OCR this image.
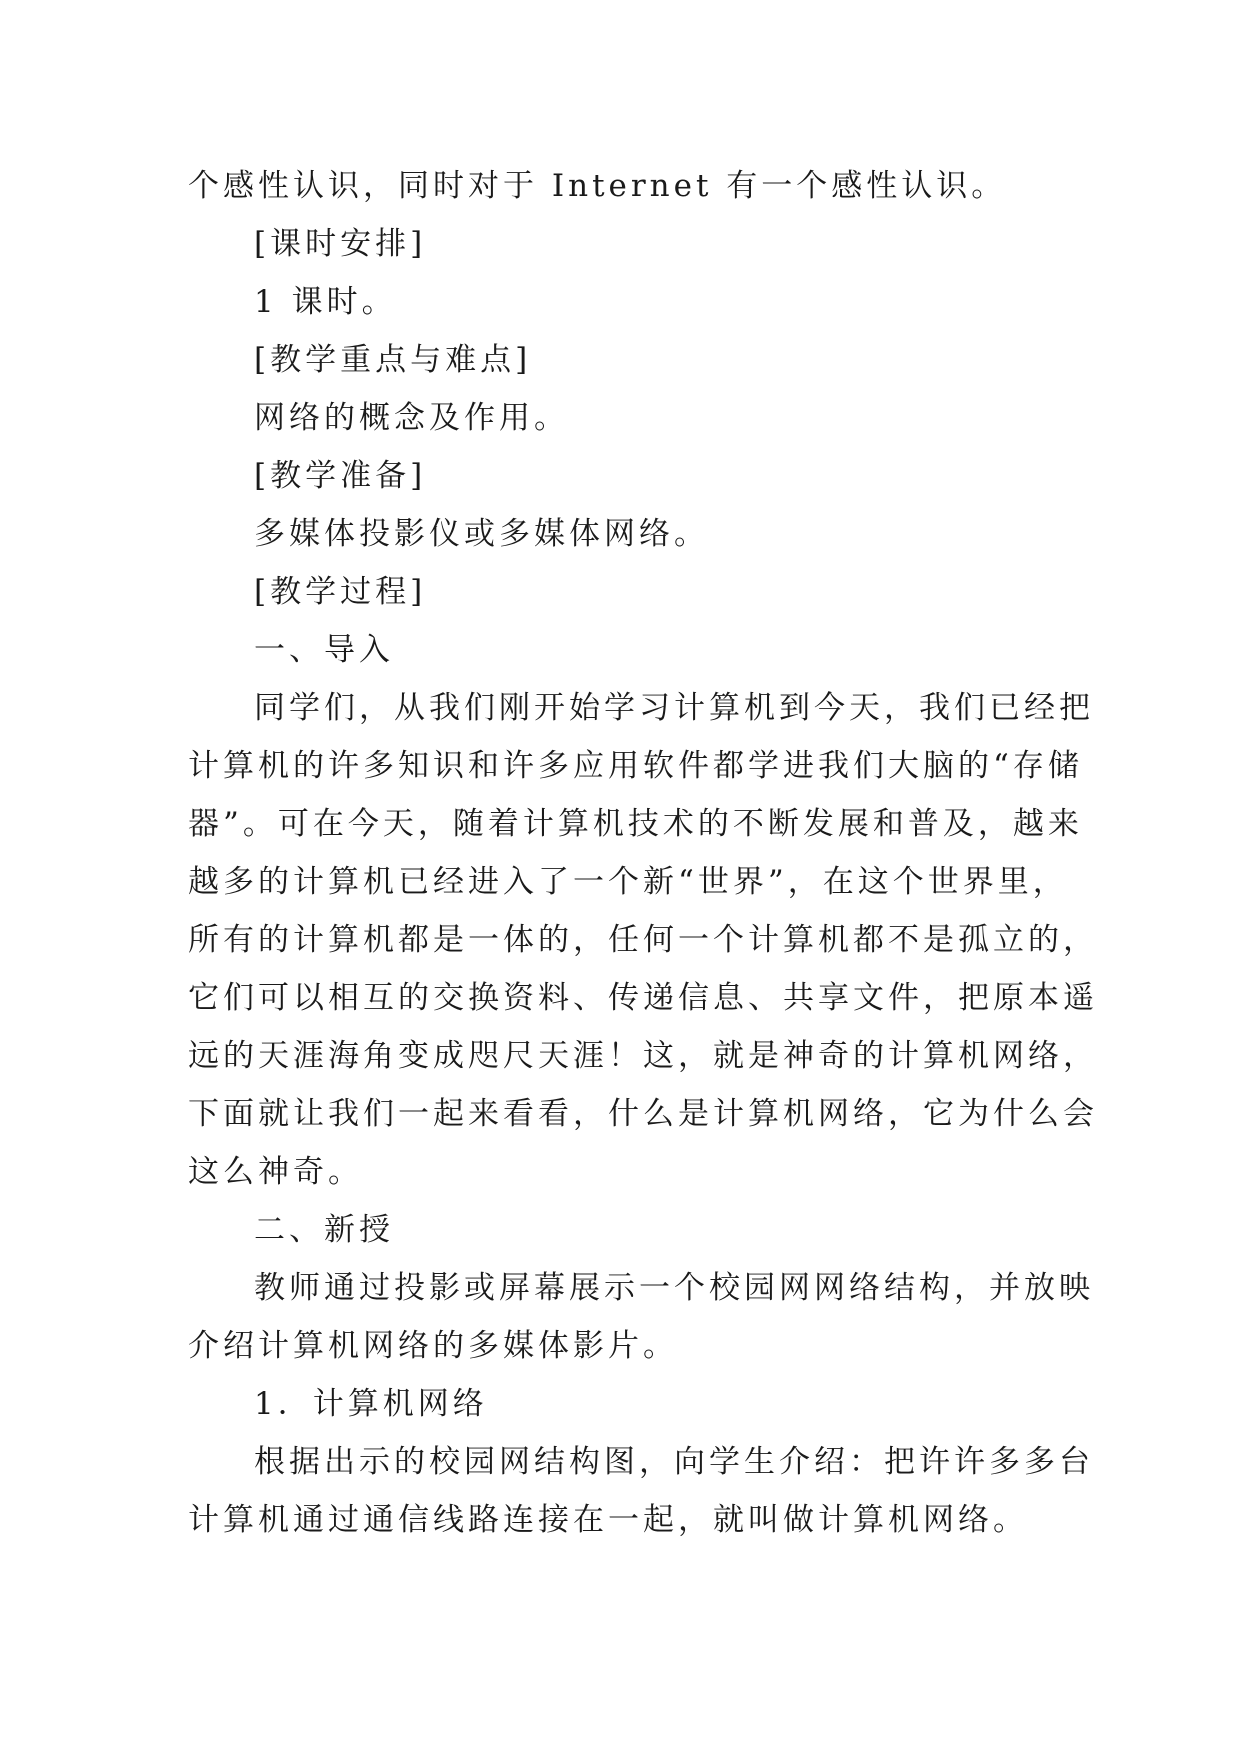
个感性认识，同时对于 Internet 有一个感性认识。
[课时安排]
1 课时。
[教学重点与难点]
网络的概念及作用。
[教学准备]
多媒体投影仪或多媒体网络。
[教学过程]
一、导入
同学们，从我们刚开始学习计算机到今天，我们已经把
计算机的许多知识和许多应用软件都学进我们大脑的“存储
器”。可在今天，随着计算机技术的不断发展和普及，越来
越多的计算机已经进入了一个新“世界”，在这个世界里，
所有的计算机都是一体的，任何一个计算机都不是孤立的，
它们可以相互的交换资料、传递信息、共享文件，把原本遥
远的天涯海角变成咫尺天涯！这，就是神奇的计算机网络，
下面就让我们一起来看看，什么是计算机网络，它为什么会
这么神奇。
二、新授
教师通过投影或屏幕展示一个校园网网络结构，并放映
介绍计算机网络的多媒体影片。
1．计算机网络
根据出示的校园网结构图，向学生介绍：把许许多多台
计算机通过通信线路连接在一起，就叫做计算机网络。
